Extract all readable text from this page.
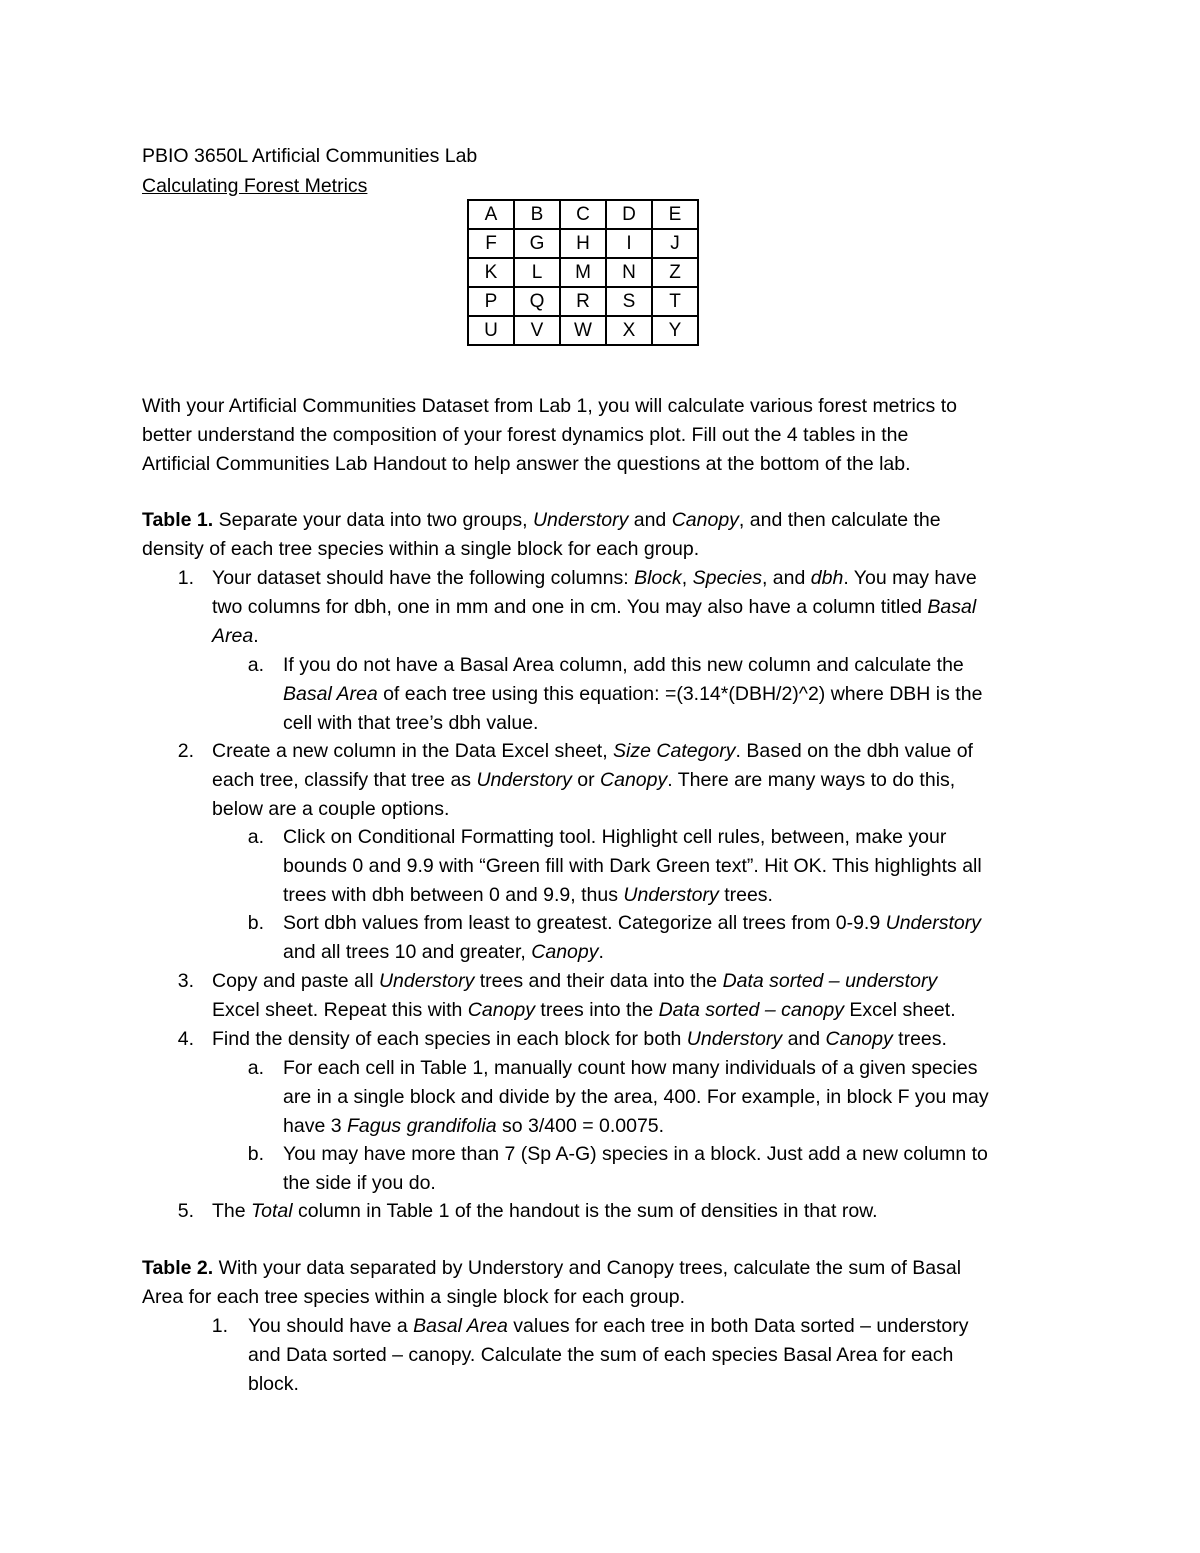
PBIO 3650L Artificial Communities Lab
Calculating Forest Metrics
A	B	C	D	E
F	G	H	I	J
K	L	M	N	Z
P	Q	R	S	T
U	V	W	X	Y
With your Artificial Communities Dataset from Lab 1, you will calculate various forest metrics to
better understand the composition of your forest dynamics plot. Fill out the 4 tables in the
Artificial Communities Lab Handout to help answer the questions at the bottom of the lab.
Table 1. Separate your data into two groups, Understory and Canopy, and then calculate the
density of each tree species within a single block for each group.
1. Your dataset should have the following columns: Block, Species, and dbh. You may have
two columns for dbh, one in mm and one in cm. You may also have a column titled Basal
Area.
a. If you do not have a Basal Area column, add this new column and calculate the
Basal Area of each tree using this equation: =(3.14*(DBH/2)^2) where DBH is the
cell with that tree’s dbh value.
2. Create a new column in the Data Excel sheet, Size Category. Based on the dbh value of
each tree, classify that tree as Understory or Canopy. There are many ways to do this,
below are a couple options.
a. Click on Conditional Formatting tool. Highlight cell rules, between, make your
bounds 0 and 9.9 with “Green fill with Dark Green text”. Hit OK. This highlights all
trees with dbh between 0 and 9.9, thus Understory trees.
b. Sort dbh values from least to greatest. Categorize all trees from 0-9.9 Understory
and all trees 10 and greater, Canopy.
3. Copy and paste all Understory trees and their data into the Data sorted – understory
Excel sheet. Repeat this with Canopy trees into the Data sorted – canopy Excel sheet.
4. Find the density of each species in each block for both Understory and Canopy trees.
a. For each cell in Table 1, manually count how many individuals of a given species
are in a single block and divide by the area, 400. For example, in block F you may
have 3 Fagus grandifolia so 3/400 = 0.0075.
b. You may have more than 7 (Sp A-G) species in a block. Just add a new column to
the side if you do.
5. The Total column in Table 1 of the handout is the sum of densities in that row.
Table 2. With your data separated by Understory and Canopy trees, calculate the sum of Basal
Area for each tree species within a single block for each group.
1. You should have a Basal Area values for each tree in both Data sorted – understory
and Data sorted – canopy. Calculate the sum of each species Basal Area for each
block.
